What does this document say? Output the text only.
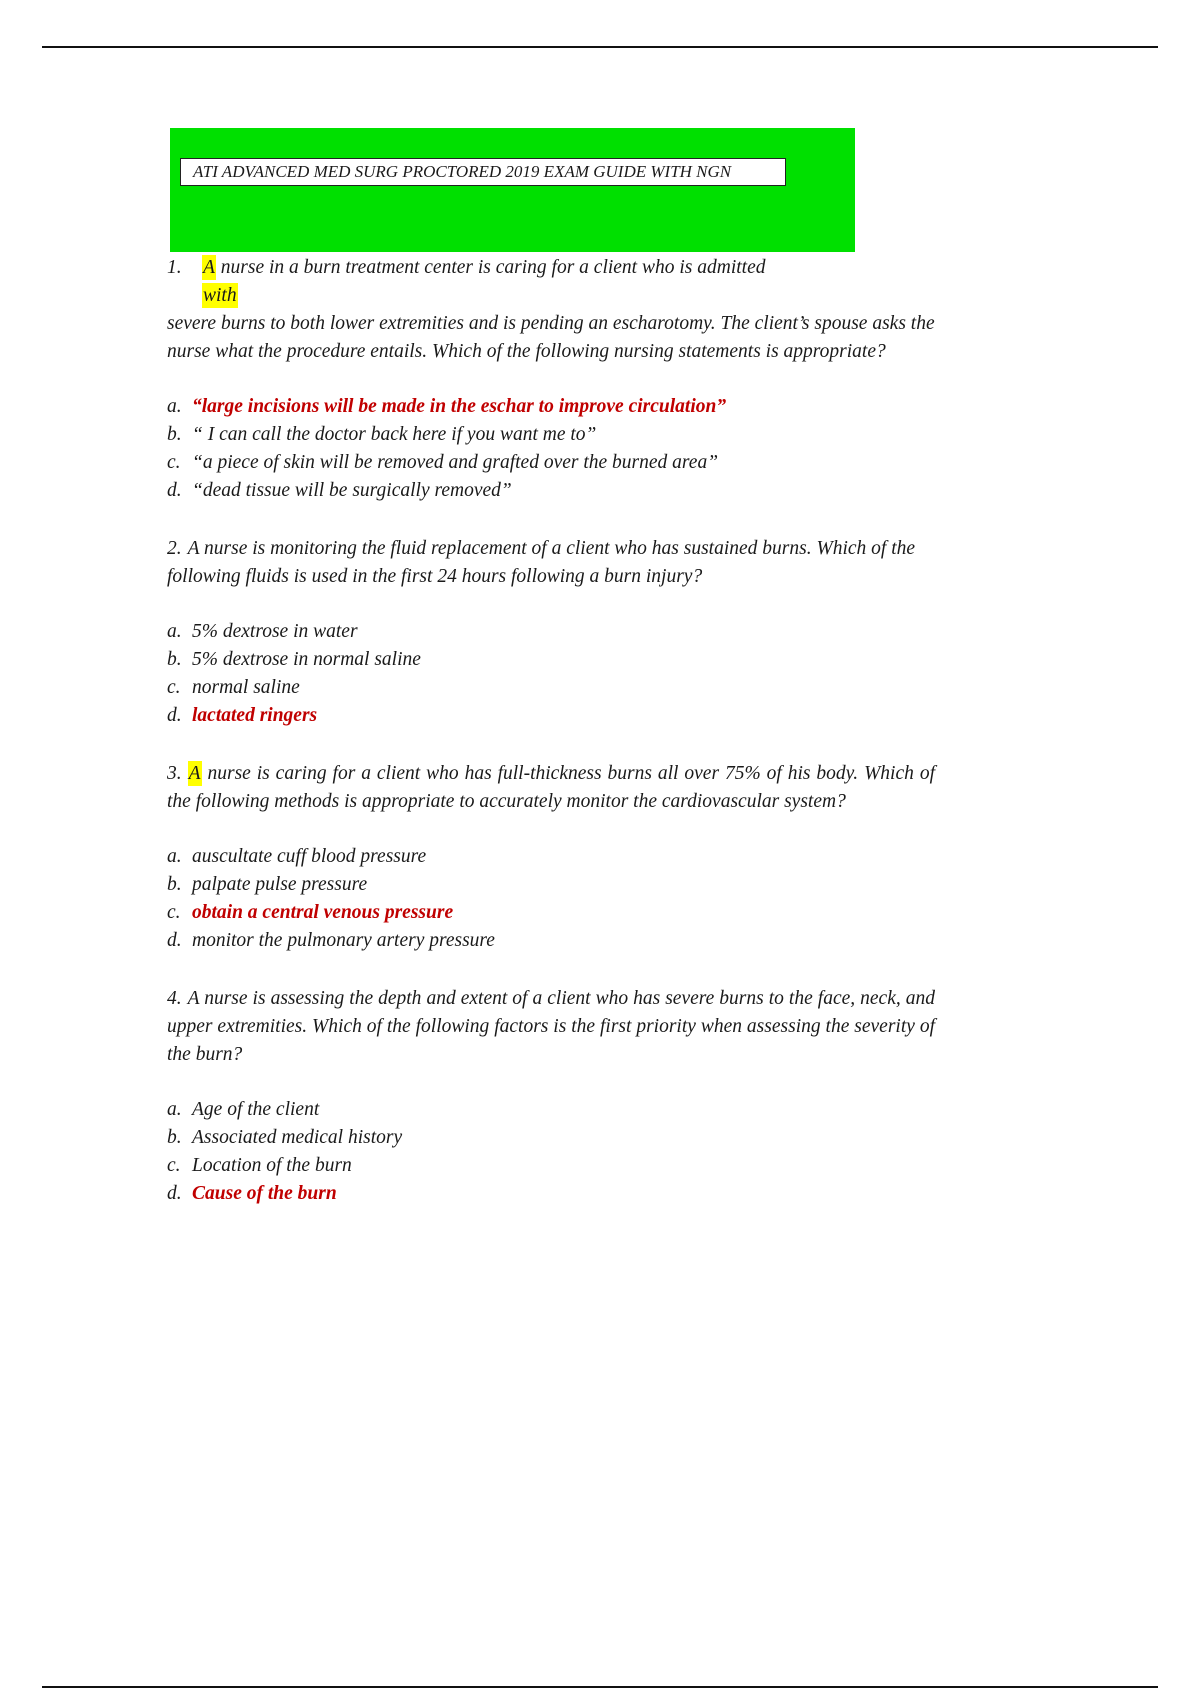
ATI ADVANCED MED SURG PROCTORED 2019 EXAM GUIDE WITH NGN
1. A nurse in a burn treatment center is caring for a client who is admitted
with

severe burns to both lower extremities and is pending an escharotomy. The client’s spouse asks the nurse what the procedure entails. Which of the following nursing statements is appropriate?

a. “large incisions will be made in the eschar to improve circulation”
b. “ I can call the doctor back here if you want me to”
c. “a piece of skin will be removed and grafted over the burned area”
d. “dead tissue will be surgically removed”

2. A nurse is monitoring the fluid replacement of a client who has sustained burns. Which of the following fluids is used in the first 24 hours following a burn injury?

a. 5% dextrose in water
b. 5% dextrose in normal saline
c. normal saline
d. lactated ringers

3. A nurse is caring for a client who has full-thickness burns all over 75% of his body. Which of the following methods is appropriate to accurately monitor the cardiovascular system?

a. auscultate cuff blood pressure
b. palpate pulse pressure
c. obtain a central venous pressure
d. monitor the pulmonary artery pressure

4. A nurse is assessing the depth and extent of a client who has severe burns to the face, neck, and upper extremities. Which of the following factors is the first priority when assessing the severity of the burn?

a. Age of the client
b. Associated medical history
c. Location of the burn
d. Cause of the burn
